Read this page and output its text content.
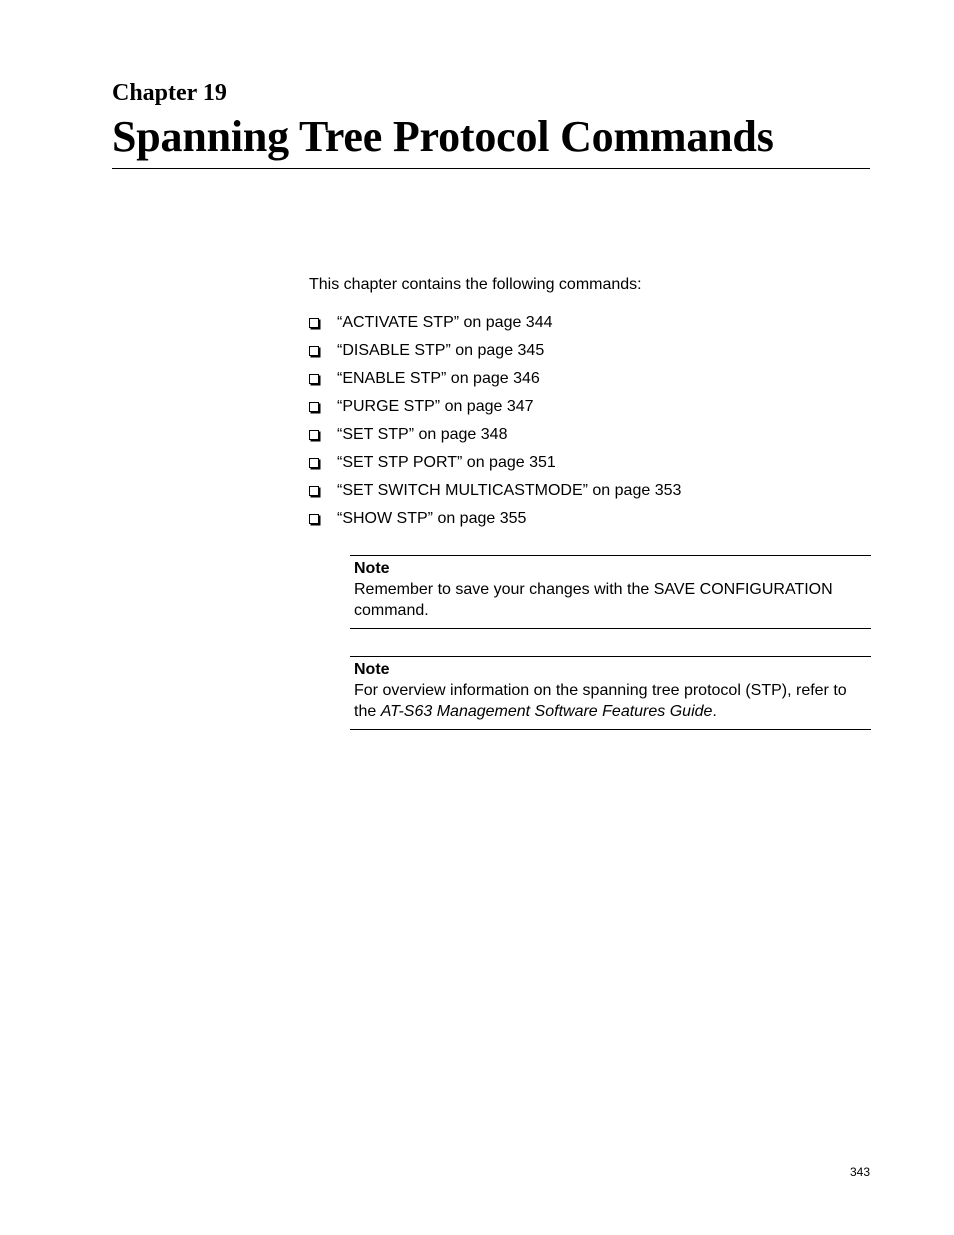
Chapter 19
Spanning Tree Protocol Commands
This chapter contains the following commands:
“ACTIVATE STP” on page 344
“DISABLE STP” on page 345
“ENABLE STP” on page 346
“PURGE STP” on page 347
“SET STP” on page 348
“SET STP PORT” on page 351
“SET SWITCH MULTICASTMODE” on page 353
“SHOW STP” on page 355
Note
Remember to save your changes with the SAVE CONFIGURATION command.
Note
For overview information on the spanning tree protocol (STP), refer to the AT-S63 Management Software Features Guide.
343
